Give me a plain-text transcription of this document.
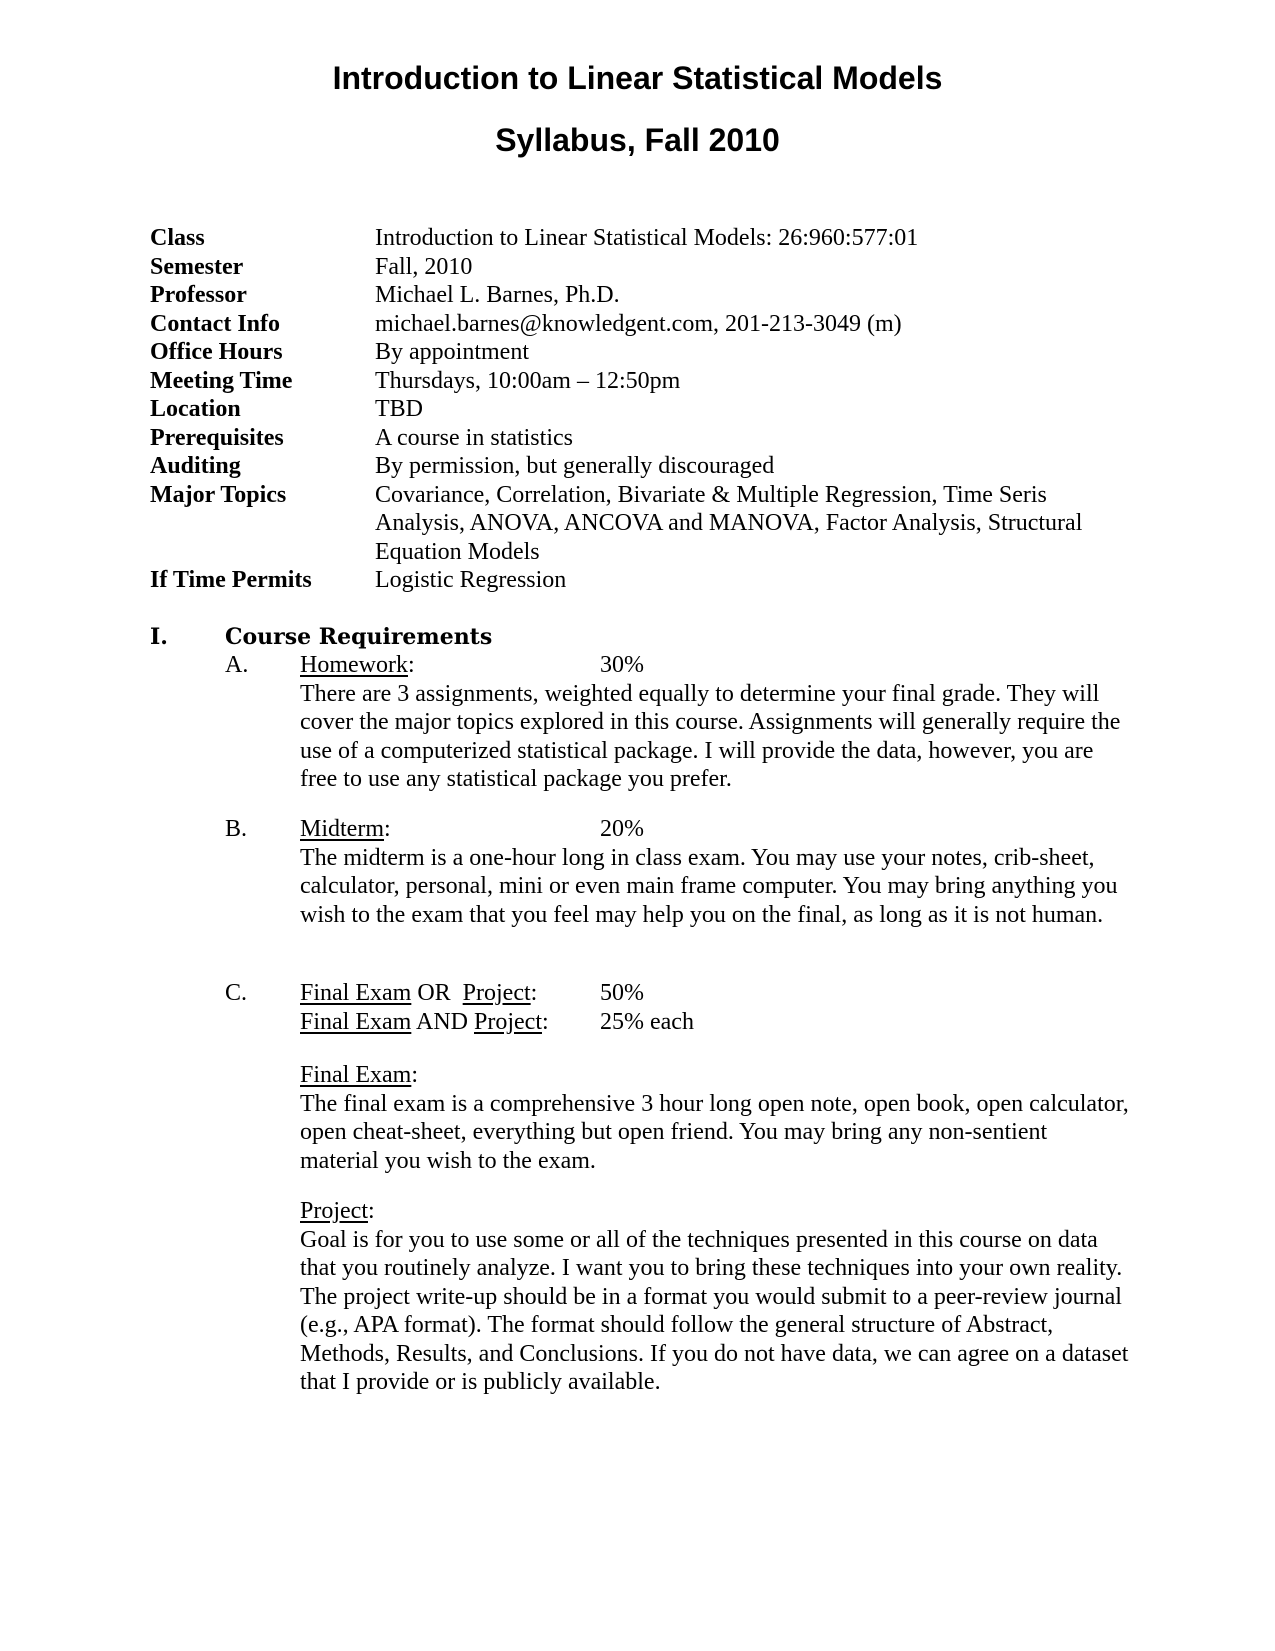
Introduction to Linear Statistical Models
Syllabus, Fall 2010
Class	Introduction to Linear Statistical Models: 26:960:577:01
Semester	Fall, 2010
Professor	Michael L. Barnes, Ph.D.
Contact Info	michael.barnes@knowledgent.com, 201-213-3049 (m)
Office Hours	By appointment
Meeting Time	Thursdays, 10:00am – 12:50pm
Location	TBD
Prerequisites	A course in statistics
Auditing	By permission, but generally discouraged
Major Topics	Covariance, Correlation, Bivariate & Multiple Regression, Time Seris Analysis, ANOVA, ANCOVA and MANOVA, Factor Analysis, Structural Equation Models
If Time Permits	Logistic Regression
I.	Course Requirements
A. Homework:	30%

There are 3 assignments, weighted equally to determine your final grade. They will cover the major topics explored in this course. Assignments will generally require the use of a computerized statistical package. I will provide the data, however, you are free to use any statistical package you prefer.

B. Midterm:	20%

The midterm is a one-hour long in class exam. You may use your notes, crib-sheet, calculator, personal, mini or even main frame computer. You may bring anything you wish to the exam that you feel may help you on the final, as long as it is not human.

C. Final Exam OR  Project:	50%
Final Exam AND Project: 25% each
Final Exam:

The final exam is a comprehensive 3 hour long open note, open book, open calculator, open cheat-sheet, everything but open friend. You may bring any non-sentient material you wish to the exam.

Project:

Goal is for you to use some or all of the techniques presented in this course on data that you routinely analyze. I want you to bring these techniques into your own reality. The project write-up should be in a format you would submit to a peer-review journal (e.g., APA format). The format should follow the general structure of Abstract, Methods, Results, and Conclusions. If you do not have data, we can agree on a dataset that I provide or is publicly available.
